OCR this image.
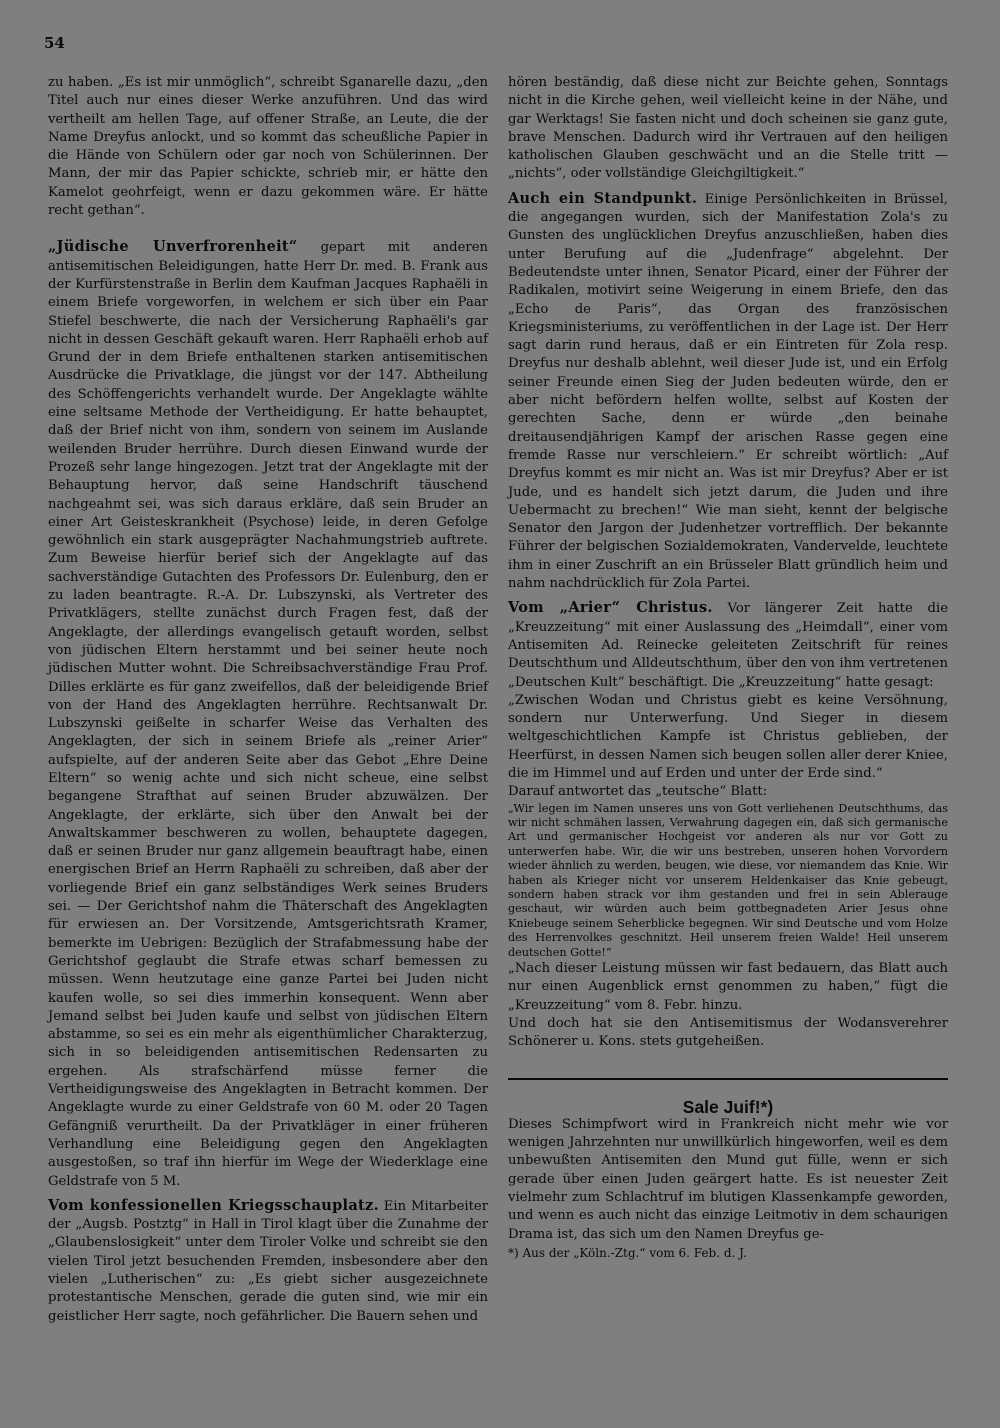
54

zu haben. „Es ist mir unmöglich“, schreibt Sganarelle dazu, „den Titel auch nur eines dieser Werke anzuführen. Und das wird vertheilt am hellen Tage, auf offener Straße, an Leute, die der Name Dreyfus anlockt, und so kommt das scheußliche Papier in die Hände von Schülern oder gar noch von Schülerinnen. Der Mann, der mir das Papier schickte, schrieb mir, er hätte den Kamelot geohrfeigt, wenn er dazu gekommen wäre. Er hätte recht gethan“.

„Jüdische Unverfrorenheit“ gepart mit anderen antisemitischen Beleidigungen, hatte Herr Dr. med. B. Frank aus der Kurfürstenstraße in Berlin dem Kaufman Jacques Raphaëli in einem Briefe vorgeworfen, in welchem er sich über ein Paar Stiefel beschwerte, die nach der Versicherung Raphaëli's gar nicht in dessen Geschäft gekauft waren. Herr Raphaëli erhob auf Grund der in dem Briefe enthaltenen starken antisemitischen Ausdrücke die Privatklage, die jüngst vor der 147. Abtheilung des Schöffengerichts verhandelt wurde. Der Angeklagte wählte eine seltsame Methode der Vertheidigung. Er hatte behauptet, daß der Brief nicht von ihm, sondern von seinem im Auslande weilenden Bruder herrühre. Durch diesen Einwand wurde der Prozeß sehr lange hingezogen. Jetzt trat der Angeklagte mit der Behauptung hervor, daß seine Handschrift täuschend nachgeahmt sei, was sich daraus erkläre, daß sein Bruder an einer Art Geisteskrankheit (Psychose) leide, in deren Gefolge gewöhnlich ein stark ausgeprägter Nachahmungstrieb auftrete. Zum Beweise hierfür berief sich der Angeklagte auf das sachverständige Gutachten des Professors Dr. Eulenburg, den er zu laden beantragte. R.-A. Dr. Lubszynski, als Vertreter des Privatklägers, stellte zunächst durch Fragen fest, daß der Angeklagte, der allerdings evangelisch getauft worden, selbst von jüdischen Eltern herstammt und bei seiner heute noch jüdischen Mutter wohnt. Die Schreibsachverständige Frau Prof. Dilles erklärte es für ganz zweifellos, daß der beleidigende Brief von der Hand des Angeklagten herrühre. Rechtsanwalt Dr. Lubszynski geißelte in scharfer Weise das Verhalten des Angeklagten, der sich in seinem Briefe als „reiner Arier“ aufspielte, auf der anderen Seite aber das Gebot „Ehre Deine Eltern“ so wenig achte und sich nicht scheue, eine selbst begangene Strafthat auf seinen Bruder abzuwälzen. Der Angeklagte, der erklärte, sich über den Anwalt bei der Anwaltskammer beschweren zu wollen, behauptete dagegen, daß er seinen Bruder nur ganz allgemein beauftragt habe, einen energischen Brief an Herrn Raphaëli zu schreiben, daß aber der vorliegende Brief ein ganz selbständiges Werk seines Bruders sei. — Der Gerichtshof nahm die Thäterschaft des Angeklagten für erwiesen an. Der Vorsitzende, Amtsgerichtsrath Kramer, bemerkte im Uebrigen: Bezüglich der Strafabmessung habe der Gerichtshof geglaubt die Strafe etwas scharf bemessen zu müssen. Wenn heutzutage eine ganze Partei bei Juden nicht kaufen wolle, so sei dies immerhin konsequent. Wenn aber Jemand selbst bei Juden kaufe und selbst von jüdischen Eltern abstamme, so sei es ein mehr als eigenthümlicher Charakterzug, sich in so beleidigenden antisemitischen Redensarten zu ergehen. Als strafschärfend müsse ferner die Vertheidigungsweise des Angeklagten in Betracht kommen. Der Angeklagte wurde zu einer Geldstrafe von 60 M. oder 20 Tagen Gefängniß verurtheilt. Da der Privatkläger in einer früheren Verhandlung eine Beleidigung gegen den Angeklagten ausgestoßen, so traf ihn hierfür im Wege der Wiederklage eine Geldstrafe von 5 M.

Vom konfessionellen Kriegsschauplatz. Ein Mitarbeiter der „Augsb. Postztg“ in Hall in Tirol klagt über die Zunahme der „Glaubenslosigkeit“ unter dem Tiroler Volke und schreibt sie den vielen Tirol jetzt besuchenden Fremden, insbesondere aber den vielen „Lutherischen“ zu: „Es giebt sicher ausgezeichnete protestantische Menschen, gerade die guten sind, wie mir ein geistlicher Herr sagte, noch gefährlicher. Die Bauern sehen und

hören beständig, daß diese nicht zur Beichte gehen, Sonntags nicht in die Kirche gehen, weil vielleicht keine in der Nähe, und gar Werktags! Sie fasten nicht und doch scheinen sie ganz gute, brave Menschen. Dadurch wird ihr Vertrauen auf den heiligen katholischen Glauben geschwächt und an die Stelle tritt — „nichts“, oder vollständige Gleichgiltigkeit.“

Auch ein Standpunkt. Einige Persönlichkeiten in Brüssel, die angegangen wurden, sich der Manifestation Zola's zu Gunsten des unglücklichen Dreyfus anzuschließen, haben dies unter Berufung auf die „Judenfrage“ abgelehnt. Der Bedeutendste unter ihnen, Senator Picard, einer der Führer der Radikalen, motivirt seine Weigerung in einem Briefe, den das „Echo de Paris“, das Organ des französischen Kriegsministeriums, zu veröffentlichen in der Lage ist. Der Herr sagt darin rund heraus, daß er ein Eintreten für Zola resp. Dreyfus nur deshalb ablehnt, weil dieser Jude ist, und ein Erfolg seiner Freunde einen Sieg der Juden bedeuten würde, den er aber nicht befördern helfen wollte, selbst auf Kosten der gerechten Sache, denn er würde „den beinahe dreitausendjährigen Kampf der arischen Rasse gegen eine fremde Rasse nur verschleiern.“ Er schreibt wörtlich: „Auf Dreyfus kommt es mir nicht an. Was ist mir Dreyfus? Aber er ist Jude, und es handelt sich jetzt darum, die Juden und ihre Uebermacht zu brechen!“ Wie man sieht, kennt der belgische Senator den Jargon der Judenhetzer vortrefflich. Der bekannte Führer der belgischen Sozialdemokraten, Vandervelde, leuchtete ihm in einer Zuschrift an ein Brüsseler Blatt gründlich heim und nahm nachdrücklich für Zola Partei.

Vom „Arier“ Christus. Vor längerer Zeit hatte die „Kreuzzeitung“ mit einer Auslassung des „Heimdall“, einer vom Antisemiten Ad. Reinecke geleiteten Zeitschrift für reines Deutschthum und Alldeutschthum, über den von ihm vertretenen „Deutschen Kult“ beschäftigt. Die „Kreuzzeitung“ hatte gesagt:

„Zwischen Wodan und Christus giebt es keine Versöhnung, sondern nur Unterwerfung. Und Sieger in diesem weltgeschichtlichen Kampfe ist Christus geblieben, der Heerfürst, in dessen Namen sich beugen sollen aller derer Kniee, die im Himmel und auf Erden und unter der Erde sind.“

Darauf antwortet das „teutsche“ Blatt:

„Wir legen im Namen unseres uns von Gott verliehenen Deutschthums, das wir nicht schmähen lassen, Verwahrung dagegen ein, daß sich germanische Art und germanischer Hochgeist vor anderen als nur vor Gott zu unterwerfen habe. Wir, die wir uns bestreben, unseren hohen Vorvordern wieder ähnlich zu werden, beugen, wie diese, vor niemandem das Knie. Wir haben als Krieger nicht vor unserem Heldenkaiser das Knie gebeugt, sondern haben strack vor ihm gestanden und frei in sein Ablerauge geschaut, wir würden auch beim gottbegnadeten Arier Jesus ohne Kniebeuge seinem Seherblicke begegnen. Wir sind Deutsche und vom Holze des Herrenvolkes geschnitzt. Heil unserem freien Walde! Heil unserem deutschen Gotte!“

„Nach dieser Leistung müssen wir fast bedauern, das Blatt auch nur einen Augenblick ernst genommen zu haben,“ fügt die „Kreuzzeitung“ vom 8. Febr. hinzu.

Und doch hat sie den Antisemitismus der Wodansverehrer Schönerer u. Kons. stets gutgeheißen.

Sale Juif!*)

Dieses Schimpfwort wird in Frankreich nicht mehr wie vor wenigen Jahrzehnten nur unwillkürlich hingeworfen, weil es dem unbewußten Antisemiten den Mund gut fülle, wenn er sich gerade über einen Juden geärgert hatte. Es ist neuester Zeit vielmehr zum Schlachtruf im blutigen Klassenkampfe geworden, und wenn es auch nicht das einzige Leitmotiv in dem schaurigen Drama ist, das sich um den Namen Dreyfus ge-

*) Aus der „Köln.-Ztg.“ vom 6. Feb. d. J.
